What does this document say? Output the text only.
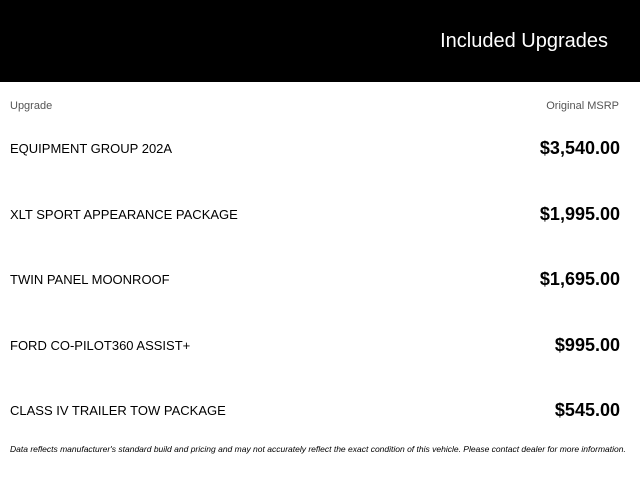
Included Upgrades
Upgrade	Original MSRP
EQUIPMENT GROUP 202A	$3,540.00
XLT SPORT APPEARANCE PACKAGE	$1,995.00
TWIN PANEL MOONROOF	$1,695.00
FORD CO-PILOT360 ASSIST+	$995.00
CLASS IV TRAILER TOW PACKAGE	$545.00
Data reflects manufacturer's standard build and pricing and may not accurately reflect the exact condition of this vehicle. Please contact dealer for more information.
